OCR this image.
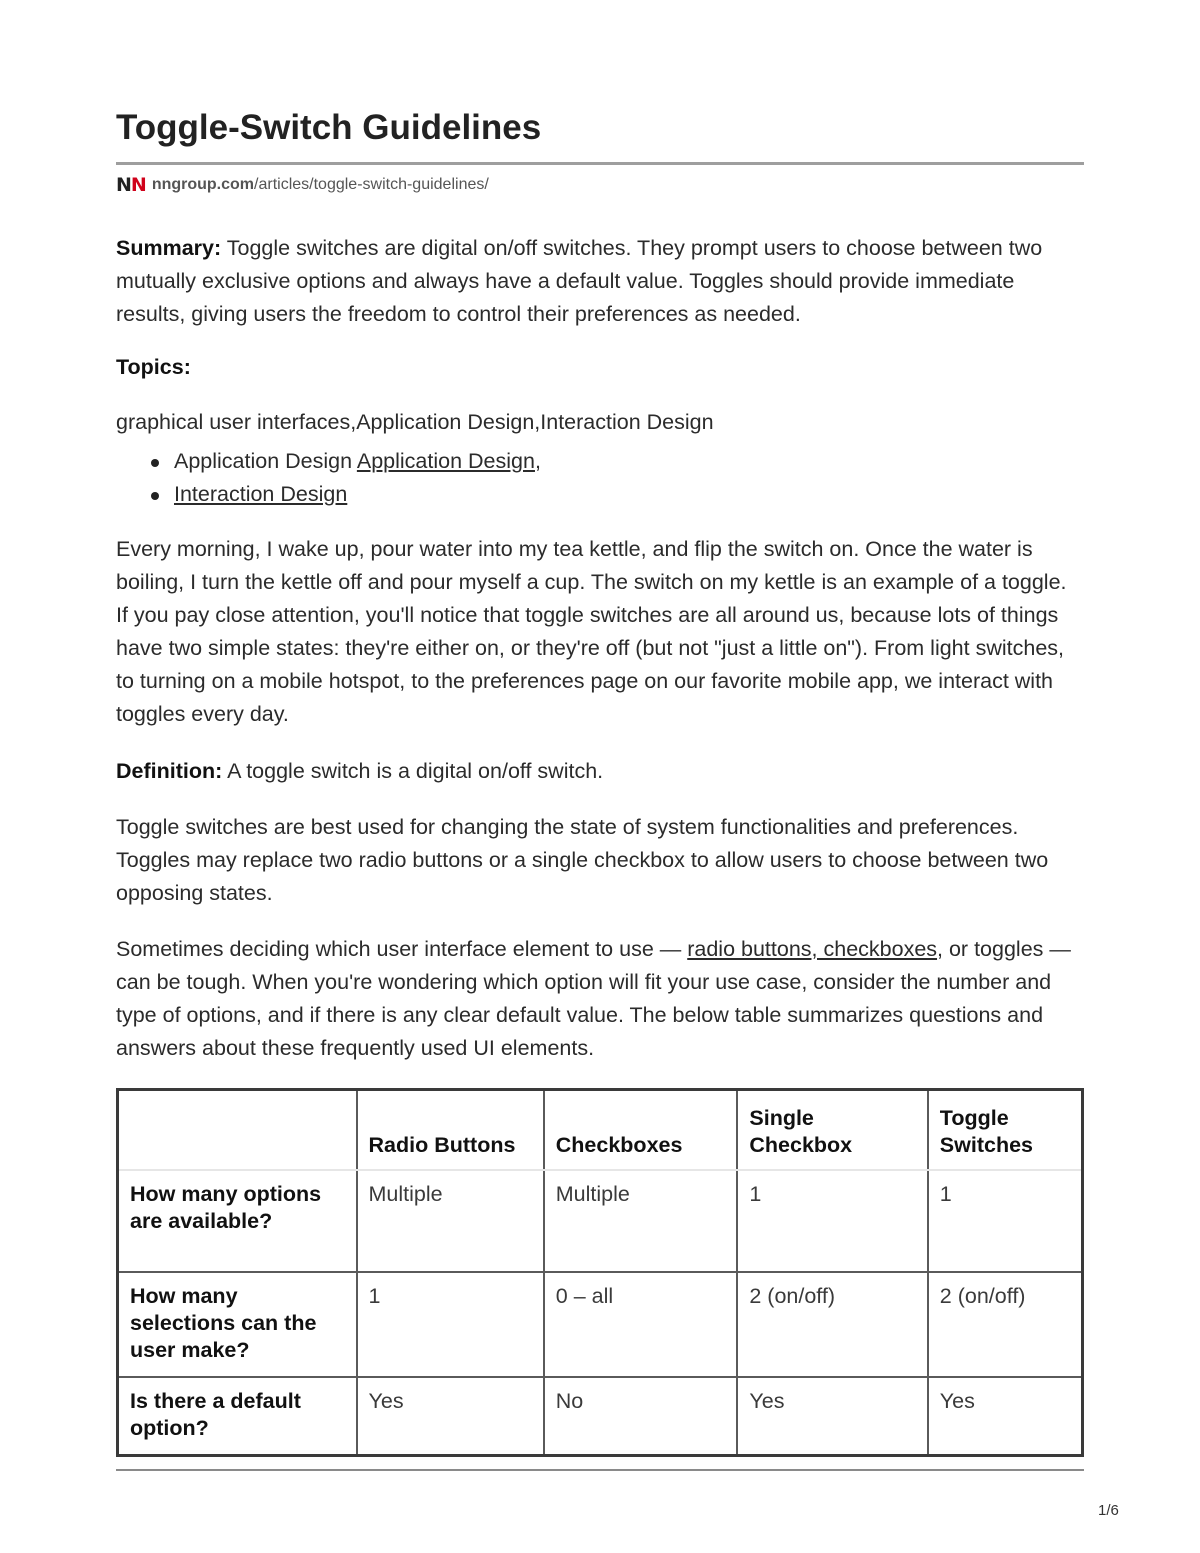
Toggle-Switch Guidelines
N N nngroup.com /articles/toggle-switch-guidelines/

Summary: Toggle switches are digital on/off switches. They prompt users to choose between two mutually exclusive options and always have a default value. Toggles should provide immediate results, giving users the freedom to control their preferences as needed.

Topics:
graphical user interfaces,Application Design,Interaction Design
Application Design Application Design,
Interaction Design

Every morning, I wake up, pour water into my tea kettle, and flip the switch on. Once the water is boiling, I turn the kettle off and pour myself a cup. The switch on my kettle is an example of a toggle. If you pay close attention, you'll notice that toggle switches are all around us, because lots of things have two simple states: they're either on, or they're off (but not "just a little on"). From light switches, to turning on a mobile hotspot, to the preferences page on our favorite mobile app, we interact with toggles every day.

Definition: A toggle switch is a digital on/off switch.

Toggle switches are best used for changing the state of system functionalities and preferences. Toggles may replace two radio buttons or a single checkbox to allow users to choose between two opposing states.

Sometimes deciding which user interface element to use — radio buttons, checkboxes, or toggles — can be tough. When you're wondering which option will fit your use case, consider the number and type of options, and if there is any clear default value. The below table summarizes questions and answers about these frequently used UI elements.

	Radio Buttons	Checkboxes	Single Checkbox	Toggle Switches
How many options are available?	Multiple	Multiple	1	1
How many selections can the user make?	1	0 – all	2 (on/off)	2 (on/off)
Is there a default option?	Yes	No	Yes	Yes
1/6
